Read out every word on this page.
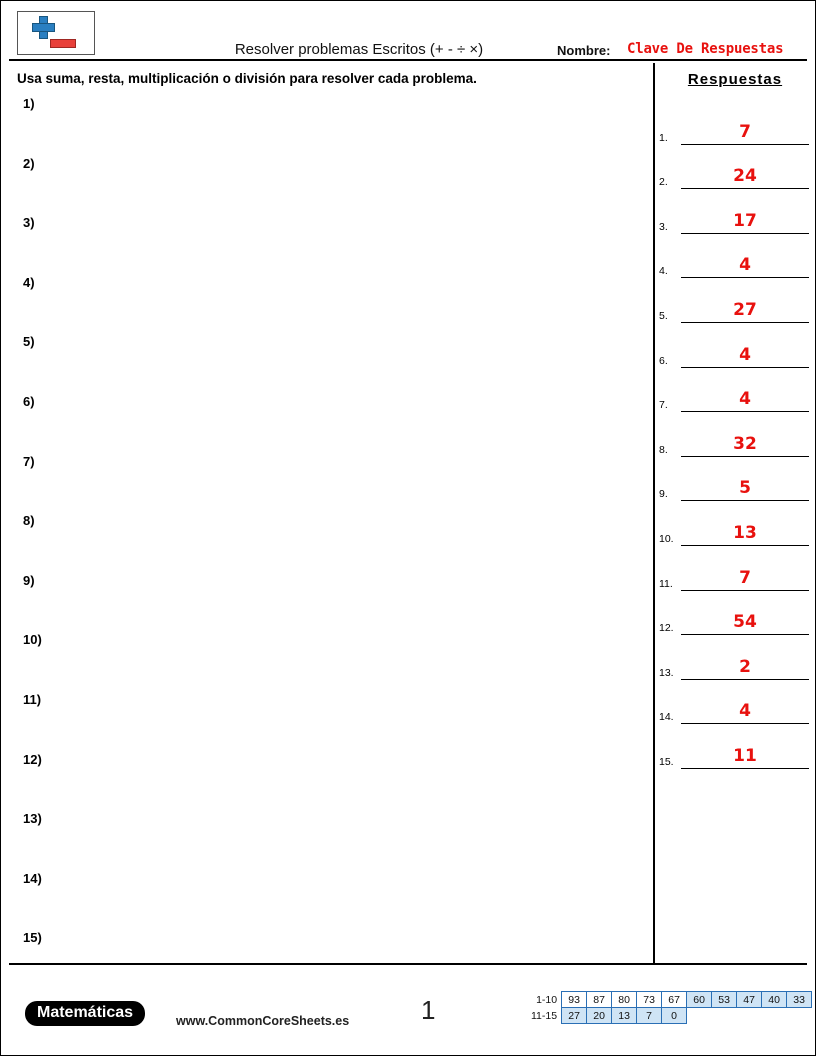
Resolver problemas Escritos (+ - ÷ ×)	Nombre: Clave De Respuestas
Usa suma, resta, multiplicación o división para resolver cada problema.
1)
2)
3)
4)
5)
6)
7)
8)
9)
10)
11)
12)
13)
14)
15)
Respuestas
1.	7
2.	24
3.	17
4.	4
5.	27
6.	4
7.	4
8.	32
9.	5
10.	13
11.	7
12.	54
13.	2
14.	4
15.	11
Matemáticas	www.CommonCoreSheets.es	1	1-10	93	87	80	73	67	60	53	47	40	33
11-15	27	20	13	7	0					
